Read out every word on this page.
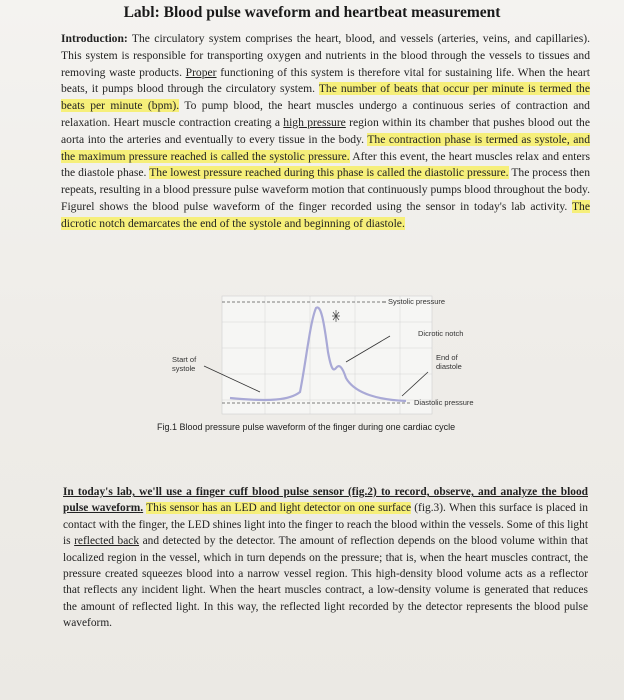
Labl: Blood pulse waveform and heartbeat measurement

Introduction: The circulatory system comprises the heart, blood, and vessels (arteries, veins, and capillaries). This system is responsible for transporting oxygen and nutrients in the blood through the vessels to tissues and removing waste products. Proper functioning of this system is therefore vital for sustaining life. When the heart beats, it pumps blood through the circulatory system. The number of beats that occur per minute is termed the beats per minute (bpm). To pump blood, the heart muscles undergo a continuous series of contraction and relaxation. Heart muscle contraction creating a high pressure region within its chamber that pushes blood out the aorta into the arteries and eventually to every tissue in the body. The contraction phase is termed as systole, and the maximum pressure reached is called the systolic pressure. After this event, the heart muscles relax and enters the diastole phase. The lowest pressure reached during this phase is called the diastolic pressure. The process then repeats, resulting in a blood pressure pulse waveform motion that continuously pumps blood throughout the body. Figurel shows the blood pulse waveform of the finger recorded using the sensor in today's lab activity. The dicrotic notch demarcates the end of the systole and beginning of diastole.

Systolic pressure
Dicrotic notch
Start of
systole
End of
diastole
Diastolic pressure

Fig.1 Blood pressure pulse waveform of the finger during one cardiac cycle

In today's lab, we'll use a finger cuff blood pulse sensor (fig.2) to record, observe, and analyze the blood pulse waveform. This sensor has an LED and light detector on one surface (fig.3). When this surface is placed in contact with the finger, the LED shines light into the finger to reach the blood within the vessels. Some of this light is reflected back and detected by the detector. The amount of reflection depends on the blood volume within that localized region in the vessel, which in turn depends on the pressure; that is, when the heart muscles contract, the pressure created squeezes blood into a narrow vessel region. This high-density blood volume acts as a reflector that reflects any incident light. When the heart muscles contract, a low-density volume is generated that reduces the amount of reflected light. In this way, the reflected light recorded by the detector represents the blood pulse waveform.
